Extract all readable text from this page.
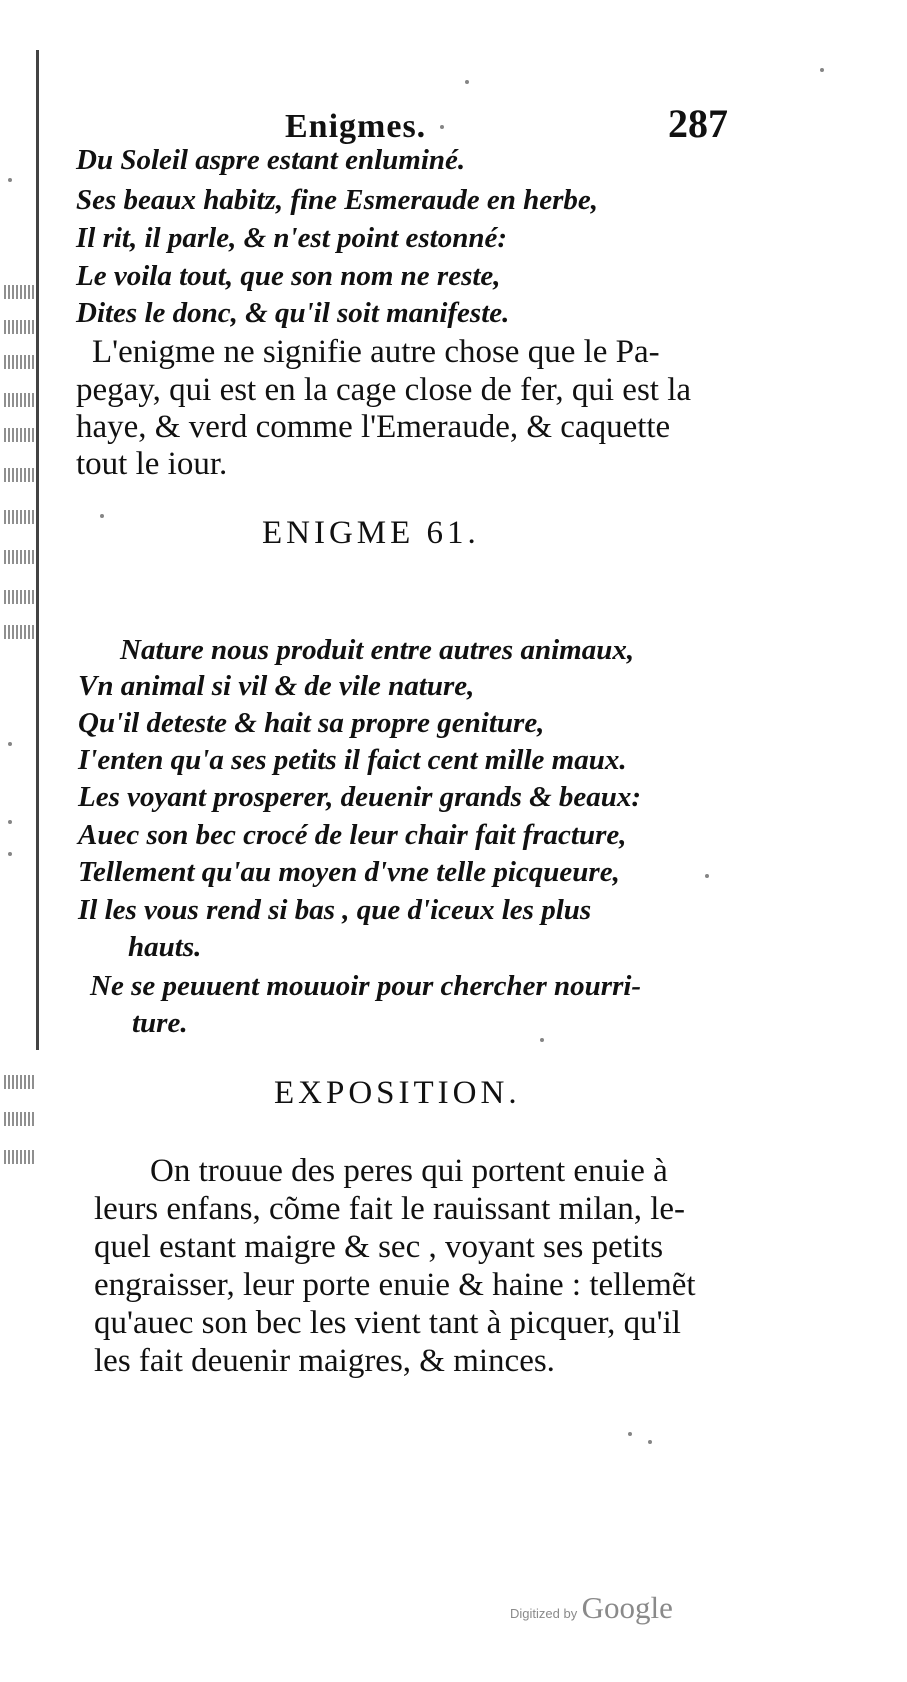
Enigmes.	287
Du Soleil aspre estant enluminé.
Ses beaux habitz, fine Esmeraude en herbe,
Il rit, il parle, & n'est point estonné:
Le voila tout, que son nom ne reste,
Dites le donc, & qu'il soit manifeste.
L'enigme ne signifie autre chose que le Pa-
pegay, qui est en la cage close de fer, qui est la
haye, & verd comme l'Emeraude, & caquette
tout le iour.
ENIGME 61.
Nature nous produit entre autres animaux,
Vn animal si vil & de vile nature,
Qu'il deteste & hait sa propre geniture,
I'enten qu'a ses petits il faict cent mille maux.
Les voyant prosperer, deuenir grands & beaux:
Auec son bec crocé de leur chair fait fracture,
Tellement qu'au moyen d'vne telle picqueure,
Il les vous rend si bas , que d'iceux les plus
hauts.
Ne se peuuent mouuoir pour chercher nourri-
ture.
EXPOSITION.
On trouue des peres qui portent enuie à
leurs enfans, cõme fait le rauissant milan, le-
quel estant maigre & sec , voyant ses petits
engraisser, leur porte enuie & haine : tellemẽt
qu'auec son bec les vient tant à picquer, qu'il
les fait deuenir maigres, & minces.
Digitized by Google
